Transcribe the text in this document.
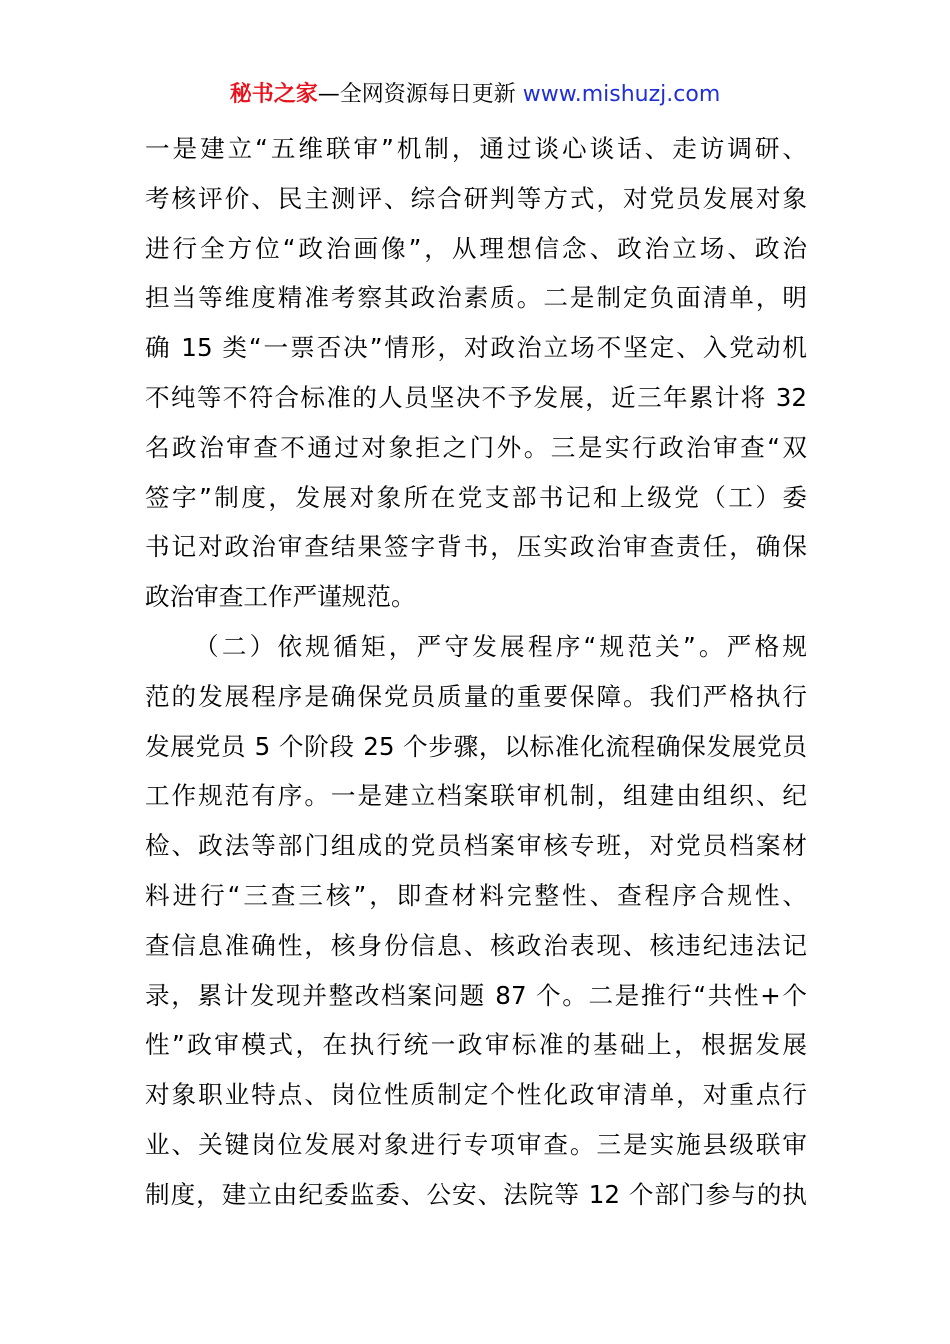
秘书之家—全网资源每日更新 www.mishuzj.com
一是建立“五维联审”机制，通过谈心谈话、走访调研、
考核评价、民主测评、综合研判等方式，对党员发展对象
进行全方位“政治画像”，从理想信念、政治立场、政治
担当等维度精准考察其政治素质。二是制定负面清单，明
确 15 类“一票否决”情形，对政治立场不坚定、入党动机
不纯等不符合标准的人员坚决不予发展，近三年累计将 32
名政治审查不通过对象拒之门外。三是实行政治审查“双
签字”制度，发展对象所在党支部书记和上级党（工）委
书记对政治审查结果签字背书，压实政治审查责任，确保
政治审查工作严谨规范。
（二）依规循矩，严守发展程序“规范关”。严格规
范的发展程序是确保党员质量的重要保障。我们严格执行
发展党员 5 个阶段 25 个步骤，以标准化流程确保发展党员
工作规范有序。一是建立档案联审机制，组建由组织、纪
检、政法等部门组成的党员档案审核专班，对党员档案材
料进行“三查三核”，即查材料完整性、查程序合规性、
查信息准确性，核身份信息、核政治表现、核违纪违法记
录，累计发现并整改档案问题 87 个。二是推行“共性+个
性”政审模式，在执行统一政审标准的基础上，根据发展
对象职业特点、岗位性质制定个性化政审清单，对重点行
业、关键岗位发展对象进行专项审查。三是实施县级联审
制度，建立由纪委监委、公安、法院等 12 个部门参与的执
